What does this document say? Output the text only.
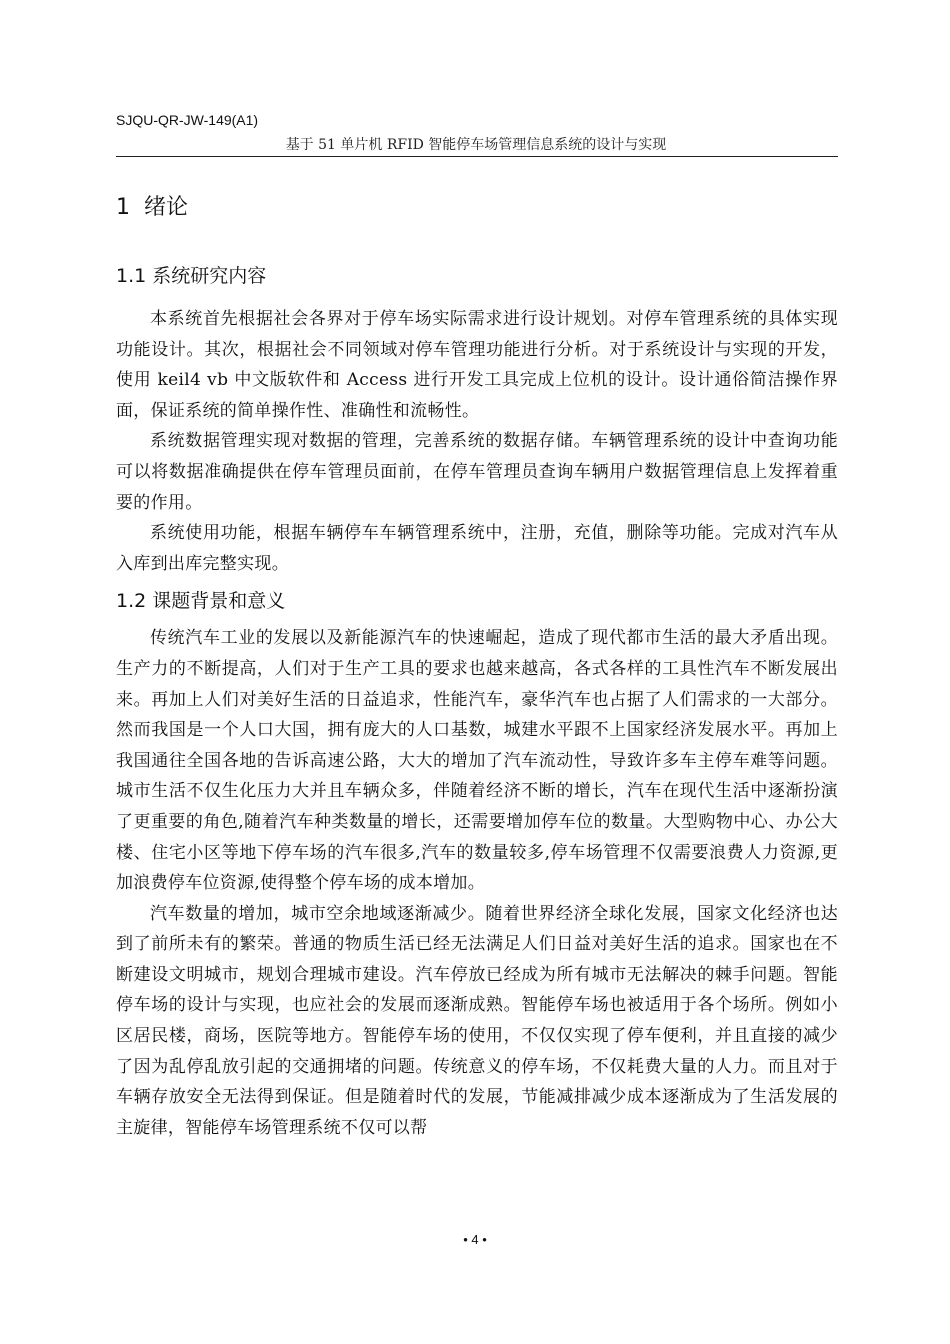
SJQU-QR-JW-149(A1)
基于 51 单片机 RFID 智能停车场管理信息系统的设计与实现
1 绪论
1.1 系统研究内容

本系统首先根据社会各界对于停车场实际需求进行设计规划。对停车管理系统的具体实现功能设计。其次，根据社会不同领域对停车管理功能进行分析。对于系统设计与实现的开发，使用 keil4 vb 中文版软件和 Access 进行开发工具完成上位机的设计。设计通俗简洁操作界面，保证系统的简单操作性、准确性和流畅性。

系统数据管理实现对数据的管理，完善系统的数据存储。车辆管理系统的设计中查询功能可以将数据准确提供在停车管理员面前，在停车管理员查询车辆用户数据管理信息上发挥着重要的作用。

系统使用功能，根据车辆停车车辆管理系统中，注册，充值，删除等功能。完成对汽车从入库到出库完整实现。

1.2 课题背景和意义

传统汽车工业的发展以及新能源汽车的快速崛起，造成了现代都市生活的最大矛盾出现。生产力的不断提高，人们对于生产工具的要求也越来越高，各式各样的工具性汽车不断发展出来。再加上人们对美好生活的日益追求，性能汽车，豪华汽车也占据了人们需求的一大部分。然而我国是一个人口大国，拥有庞大的人口基数，城建水平跟不上国家经济发展水平。再加上我国通往全国各地的告诉高速公路，大大的增加了汽车流动性，导致许多车主停车难等问题。城市生活不仅生化压力大并且车辆众多，伴随着经济不断的增长，汽车在现代生活中逐渐扮演了更重要的角色,随着汽车种类数量的增长，还需要增加停车位的数量。大型购物中心、办公大楼、住宅小区等地下停车场的汽车很多,汽车的数量较多,停车场管理不仅需要浪费人力资源,更加浪费停车位资源,使得整个停车场的成本增加。

汽车数量的增加，城市空余地域逐渐减少。随着世界经济全球化发展，国家文化经济也达到了前所未有的繁荣。普通的物质生活已经无法满足人们日益对美好生活的追求。国家也在不断建设文明城市，规划合理城市建设。汽车停放已经成为所有城市无法解决的棘手问题。智能停车场的设计与实现，也应社会的发展而逐渐成熟。智能停车场也被适用于各个场所。例如小区居民楼，商场，医院等地方。智能停车场的使用，不仅仅实现了停车便利，并且直接的减少了因为乱停乱放引起的交通拥堵的问题。传统意义的停车场，不仅耗费大量的人力。而且对于车辆存放安全无法得到保证。但是随着时代的发展，节能减排减少成本逐渐成为了生活发展的主旋律，智能停车场管理系统不仅可以帮

• 4 •
